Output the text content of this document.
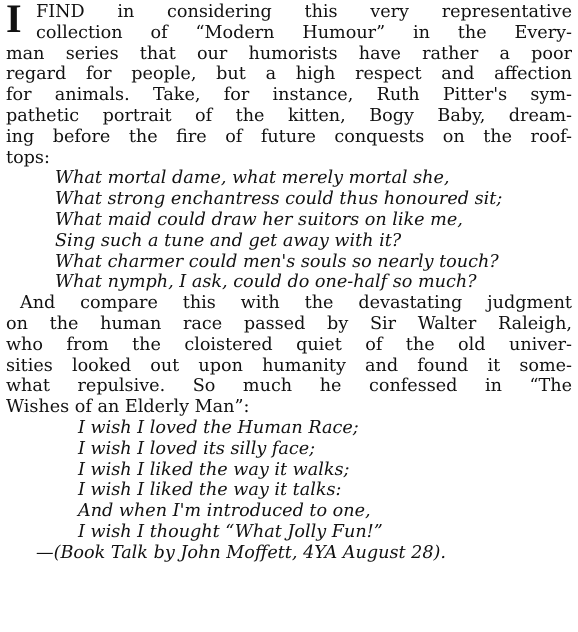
I FIND in considering this very representative
collection of “Modern Humour” in the Every-
man series that our humorists have rather a poor
regard for people, but a high respect and affection
for animals. Take, for instance, Ruth Pitter's sym-
pathetic portrait of the kitten, Bogy Baby, dream-
ing before the fire of future conquests on the roof-
tops:
What mortal dame, what merely mortal she,
What strong enchantress could thus honoured sit;
What maid could draw her suitors on like me,
Sing such a tune and get away with it?
What charmer could men's souls so nearly touch?
What nymph, I ask, could do one-half so much?
And compare this with the devastating judgment
on the human race passed by Sir Walter Raleigh,
who from the cloistered quiet of the old univer-
sities looked out upon humanity and found it some-
what repulsive. So much he confessed in “The
Wishes of an Elderly Man”:
I wish I loved the Human Race;
I wish I loved its silly face;
I wish I liked the way it walks;
I wish I liked the way it talks:
And when I'm introduced to one,
I wish I thought “What Jolly Fun!”
—(Book Talk by John Moffett, 4YA August 28).
